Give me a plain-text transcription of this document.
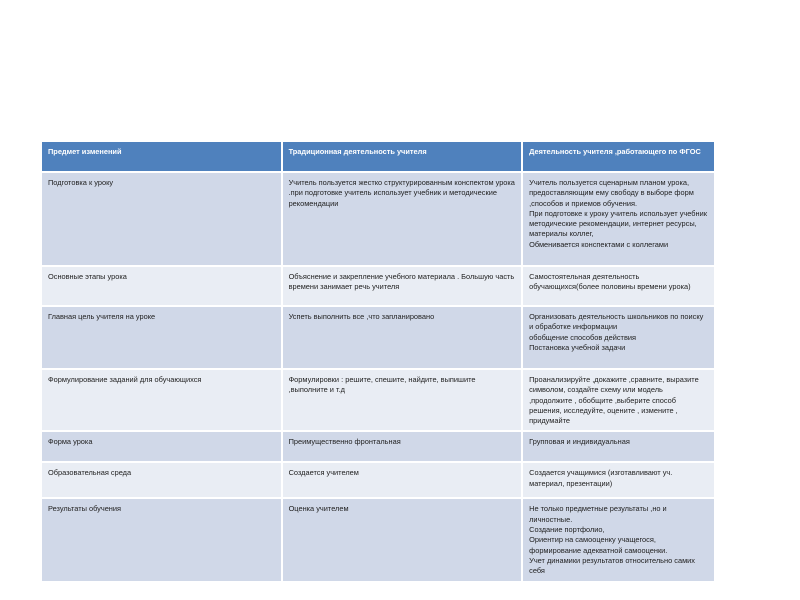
Предмет изменений	Традиционная деятельность учителя	Деятельность учителя ,работающего по ФГОС
Подготовка к уроку	Учитель пользуется жестко структурированным конспектом урока .при подготовке учитель использует учебник и методические рекомендации	Учитель пользуется сценарным планом урока, предоставляющим ему свободу в выборе форм ,способов и приемов обучения.
При подготовке к уроку учитель использует учебник методические рекомендации, интернет ресурсы, материалы коллег,
Обменивается конспектами с коллегами

Основные этапы урока	Объяснение и закрепление учебного материала . Большую часть времени занимает речь учителя	Самостоятельная деятельность обучающихся(более половины времени урока)

Главная цель учителя на уроке	Успеть выполнить все ,что запланировано	Организовать деятельность школьников по поиску и обработке информации
обобщение способов действия
Постановка учебной задачи

Формулирование заданий для обучающихся	Формулировки : решите, спешите, найдите, выпишите ,выполните и т.д	Проанализируйте ,докажите ,сравните, выразите символом, создайте схему или модель ,продолжите , обобщите ,выберите способ решения, исследуйте, оцените , измените , придумайте

Форма урока	Преимущественно фронтальная	Групповая и индивидуальная

Образовательная среда	Создается учителем	Создается учащимися (изготавливают уч. материал, презентации)

Результаты обучения	Оценка учителем	Не только предметные результаты ,но и личностные.
Создание портфолио,
Ориентир на самооценку учащегося, формирование адекватной самооценки.
Учет динамики результатов относительно самих себя
